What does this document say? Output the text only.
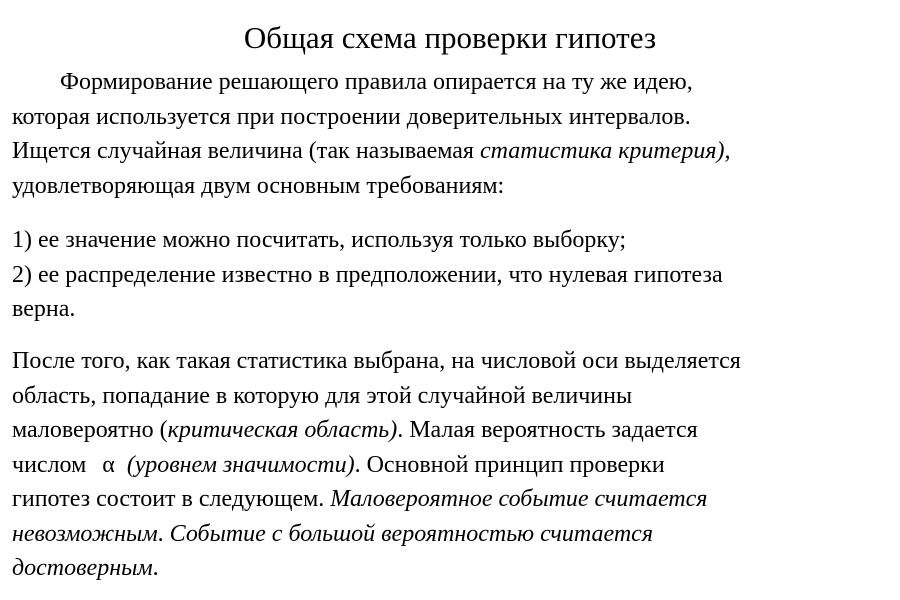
Общая схема проверки гипотез
Формирование решающего правила опирается на ту же идею,
которая используется при построении доверительных интервалов.
Ищется случайная величина (так называемая статистика критерия),
удовлетворяющая двум основным требованиям:
1) ее значение можно посчитать, используя только выборку;
2) ее распределение известно в предположении, что нулевая гипотеза
верна.
После того, как такая статистика выбрана, на числовой оси выделяется
область, попадание в которую для этой случайной величины
маловероятно (критическая область). Малая вероятность задается
числом α (уровнем значимости). Основной принцип проверки
гипотез состоит в следующем. Маловероятное событие считается
невозможным. Событие с большой вероятностью считается
достоверным.
